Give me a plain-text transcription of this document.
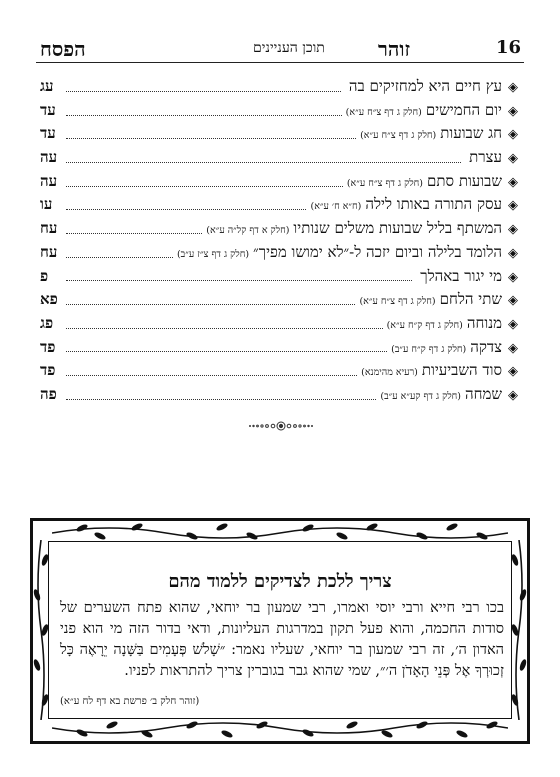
הפסח	תוכן העניינים	זוהר	16
◈
עץ חיים היא למחזיקים בה
עג
◈
יום החמישים
(חלק ג דף צ״ח ע״א)
עד
◈
חג שבועות
(חלק ג דף צ״ח ע״א)
עד
◈
עצרת
עה
◈
שבועות סתם
(חלק ג דף צ״ח ע״א)
עה
◈
עסק התורה באותו לילה
(ח״א ח׳ ע״א)
עו
◈
המשתף בליל שבועות משלים שנותיו
(חלק א דף קל״ה ע״א)
עח
◈
הלומד בלילה וביום יזכה ל-״לא ימושו מפיך״
(חלק ג דף צ״ז ע״ב)
עח
◈
מי יגור באהלך
פ
◈
שתי הלחם
(חלק ג דף צ״ח ע״א)
פא
◈
מנוחה
(חלק ג דף ק״ח ע״א)
פג
◈
צדקה
(חלק ג דף ק״ח ע״ב)
פד
◈
סוד השביעיות
(רעיא מהימנא)
פד
◈
שמחה
(חלק ג דף קע״א ע״ב)
פה
צריך ללכת לצדיקים ללמוד מהם
בכו רבי חייא ורבי יוסי ואמרו, רבי שמעון בר יוחאי, שהוא פתח השערים של סודות החכמה, והוא פעל תקון במדרגות העליונות, ודאי בדור הזה מי הוא פני האדון ה׳, זה רבי שמעון בר יוחאי, שעליו נאמר: ״שָׁלֹש פְּעָמִים בַּשָּׁנָה יֵרָאֶה כָּל זְכוּרְךָ אֶל פְּנֵי הָאָדֹן ה׳״, שמי שהוא גבר בגוברין צריך להתראות לפניו.
(זוהר חלק ב׳ פרשת בא דף לח ע״א)
